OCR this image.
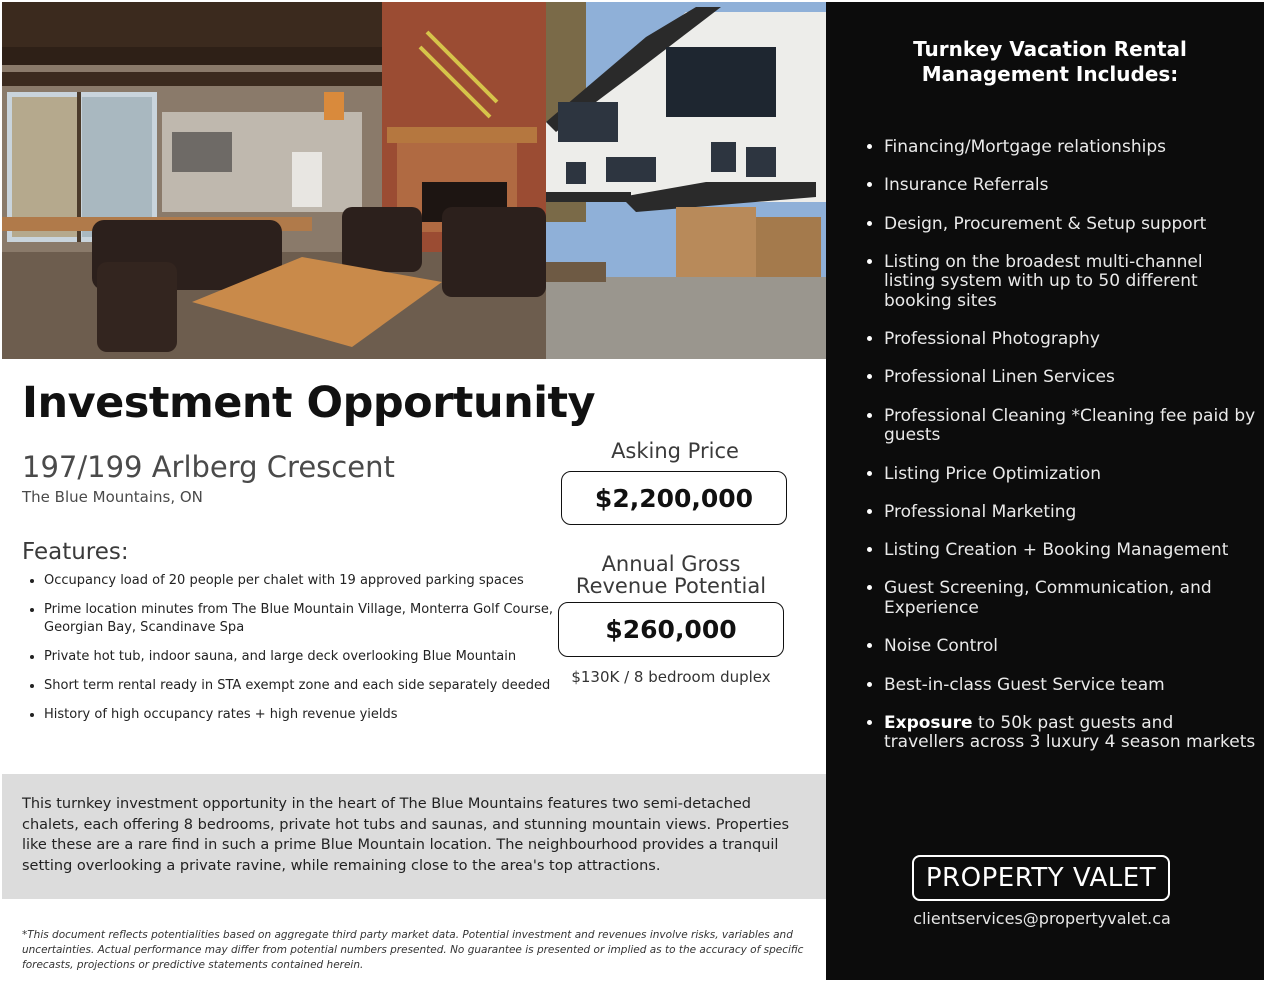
Investment Opportunity
197/199 Arlberg Crescent
The Blue Mountains, ON
Features:
• Occupancy load of 20 people per chalet with 19 approved parking spaces
• Prime location minutes from The Blue Mountain Village, Monterra Golf Course, Georgian Bay, Scandinave Spa
• Private hot tub, indoor sauna, and large deck overlooking Blue Mountain
• Short term rental ready in STA exempt zone and each side separately deeded
• History of high occupancy rates + high revenue yields
Asking Price
$2,200,000
Annual Gross Revenue Potential
$260,000
$130K / 8 bedroom duplex

This turnkey investment opportunity in the heart of The Blue Mountains features two semi-detached chalets, each offering 8 bedrooms, private hot tubs and saunas, and stunning mountain views. Properties like these are a rare find in such a prime Blue Mountain location. The neighbourhood provides a tranquil setting overlooking a private ravine, while remaining close to the area's top attractions.

*This document reflects potentialities based on aggregate third party market data. Potential investment and revenues involve risks, variables and uncertainties. Actual performance may differ from potential numbers presented. No guarantee is presented or implied as to the accuracy of specific forecasts, projections or predictive statements contained herein.

Turnkey Vacation Rental Management Includes:
• Financing/Mortgage relationships
• Insurance Referrals
• Design, Procurement & Setup support
• Listing on the broadest multi-channel listing system with up to 50 different booking sites
• Professional Photography
• Professional Linen Services
• Professional Cleaning *Cleaning fee paid by guests
• Listing Price Optimization
• Professional Marketing
• Listing Creation + Booking Management
• Guest Screening, Communication, and Experience
• Noise Control
• Best-in-class Guest Service team
• Exposure to 50k past guests and travellers across 3 luxury 4 season markets
PROPERTY VALET
clientservices@propertyvalet.ca
